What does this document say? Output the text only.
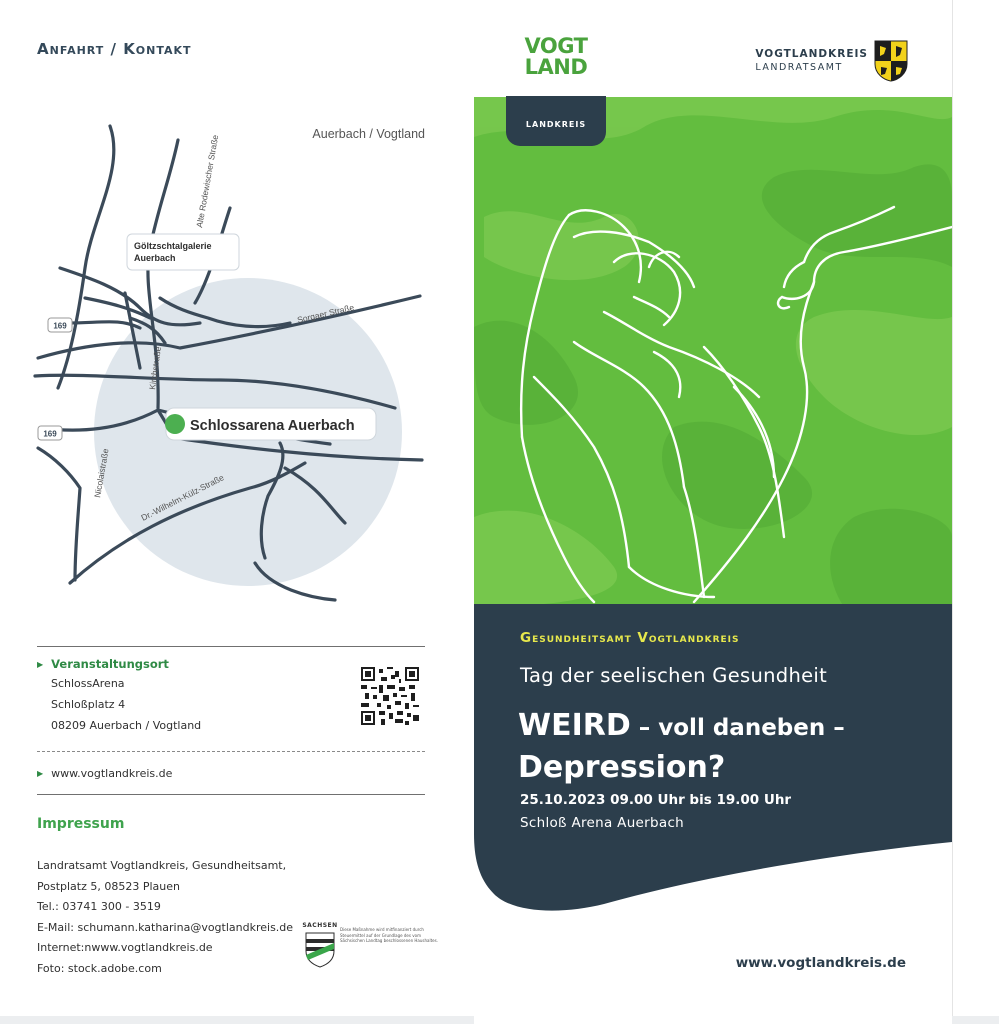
Anfahrt / Kontakt
169
169
Auerbach / Vogtland
Alte Rodewischer Straße
Sorgaer Straße
Kirchstraße
Nicolaistraße	Dr.-Wilhelm-Külz-Straße
Göltzschtalgalerie
Auerbach
Schlossarena Auerbach
▶ Veranstaltungsort
SchlossArena
Schloßplatz 4
08209 Auerbach / Vogtland
▶ www.vogtlandkreis.de
Impressum
Landratsamt Vogtlandkreis, Gesundheitsamt,
Postplatz 5, 08523 Plauen
Tel.: 03741 300 - 3519
E-Mail: schumann.katharina@vogtlandkreis.de
Internet:nwww.vogtlandkreis.de
Foto: stock.adobe.com
SACHSEN
Diese Maßnahme wird mitfinanziert durch Steuermittel auf der Grundlage des vom Sächsischen Landtag beschlossenen Haushaltes.
VOGT
LAND
LANDKREIS
VOGTLANDKREIS
LANDRATSAMT
Gesundheitsamt Vogtlandkreis
Tag der seelischen Gesundheit
WEIRD – voll daneben –
Depression?
25.10.2023 09.00 Uhr bis 19.00 Uhr
Schloß Arena Auerbach
www.vogtlandkreis.de
